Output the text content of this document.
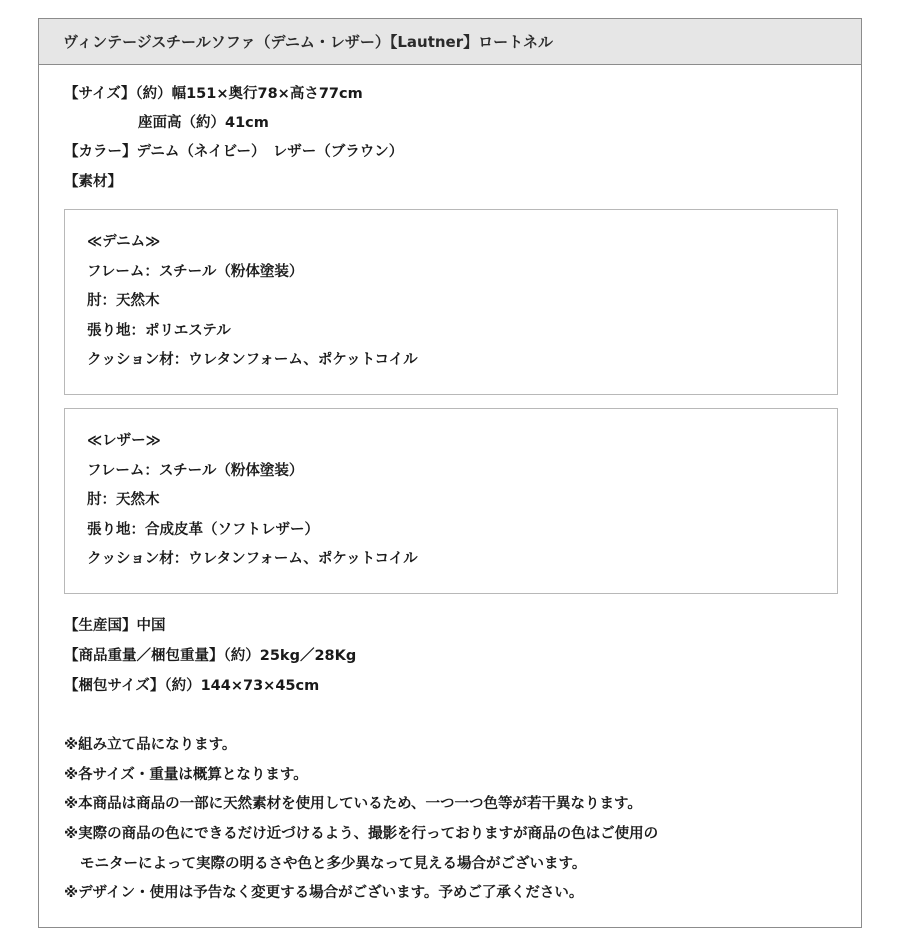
ヴィンテージスチールソファ（デニム・レザー）【Lautner】ロートネル
【サイズ】（約）幅151×奥行78×高さ77cm
座面高（約）41cm
【カラー】デニム（ネイビー）　レザー（ブラウン）
【素材】
≪デニム≫
フレーム：スチール（粉体塗装）
肘：天然木
張り地：ポリエステル
クッション材：ウレタンフォーム、ポケットコイル
≪レザー≫
フレーム：スチール（粉体塗装）
肘：天然木
張り地：合成皮革（ソフトレザー）
クッション材：ウレタンフォーム、ポケットコイル
【生産国】中国
【商品重量／梱包重量】（約）25kg／28Kg
【梱包サイズ】（約）144×73×45cm
※組み立て品になります。
※各サイズ・重量は概算となります。
※本商品は商品の一部に天然素材を使用しているため、一つ一つ色等が若干異なります。
※実際の商品の色にできるだけ近づけるよう、撮影を行っておりますが商品の色はご使用の
モニターによって実際の明るさや色と多少異なって見える場合がございます。
※デザイン・使用は予告なく変更する場合がございます。予めご了承ください。
